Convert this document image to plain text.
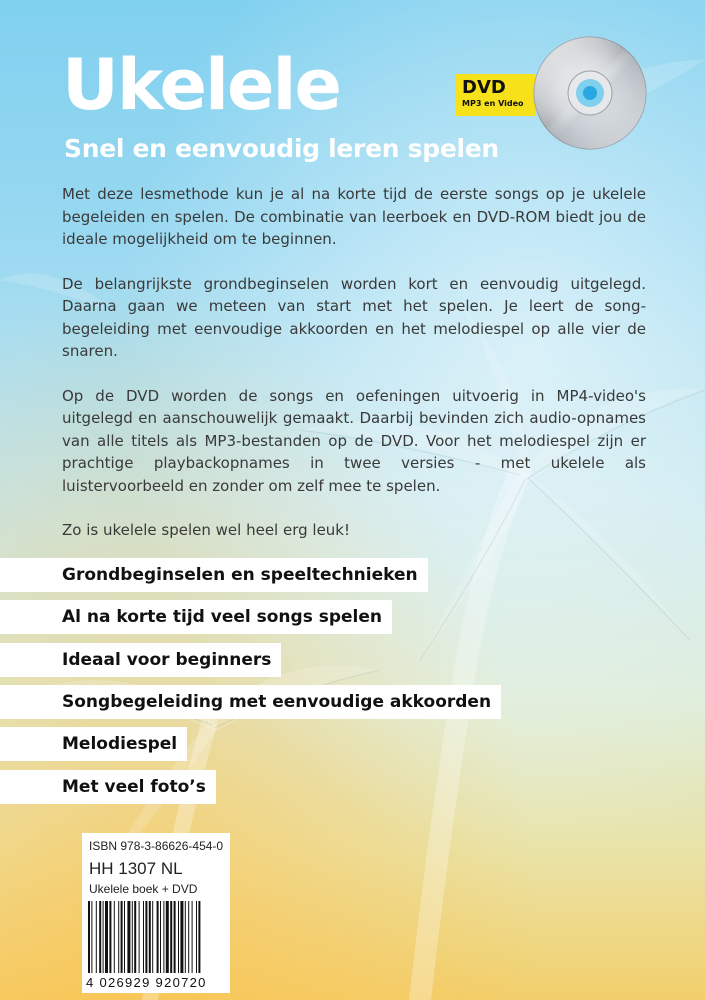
Ukelele
Snel en eenvoudig leren spelen
DVD
MP3 en Video

Met deze lesmethode kun je al na korte tijd de eerste songs op je ukelele begeleiden en spelen. De combinatie van leerboek en DVD-ROM biedt jou de ideale mogelijkheid om te beginnen.

De belangrijkste grondbeginselen worden kort en eenvoudig uitgelegd. Daarna gaan we meteen van start met het spelen. Je leert de song-begeleiding met eenvoudige akkoorden en het melodiespel op alle vier de snaren.

Op de DVD worden de songs en oefeningen uitvoerig in MP4-video's uitgelegd en aanschouwelijk gemaakt. Daarbij bevinden zich audio-opnames van alle titels als MP3-bestanden op de DVD. Voor het melodiespel zijn er prachtige playbackopnames in twee versies - met ukelele als luistervoorbeeld en zonder om zelf mee te spelen.

Zo is ukelele spelen wel heel erg leuk!

Grondbeginselen en speeltechnieken
Al na korte tijd veel songs spelen
Ideaal voor beginners
Songbegeleiding met eenvoudige akkoorden
Melodiespel
Met veel foto’s
ISBN 978-3-86626-454-0
HH 1307 NL
Ukelele boek + DVD
4 026929 920720
